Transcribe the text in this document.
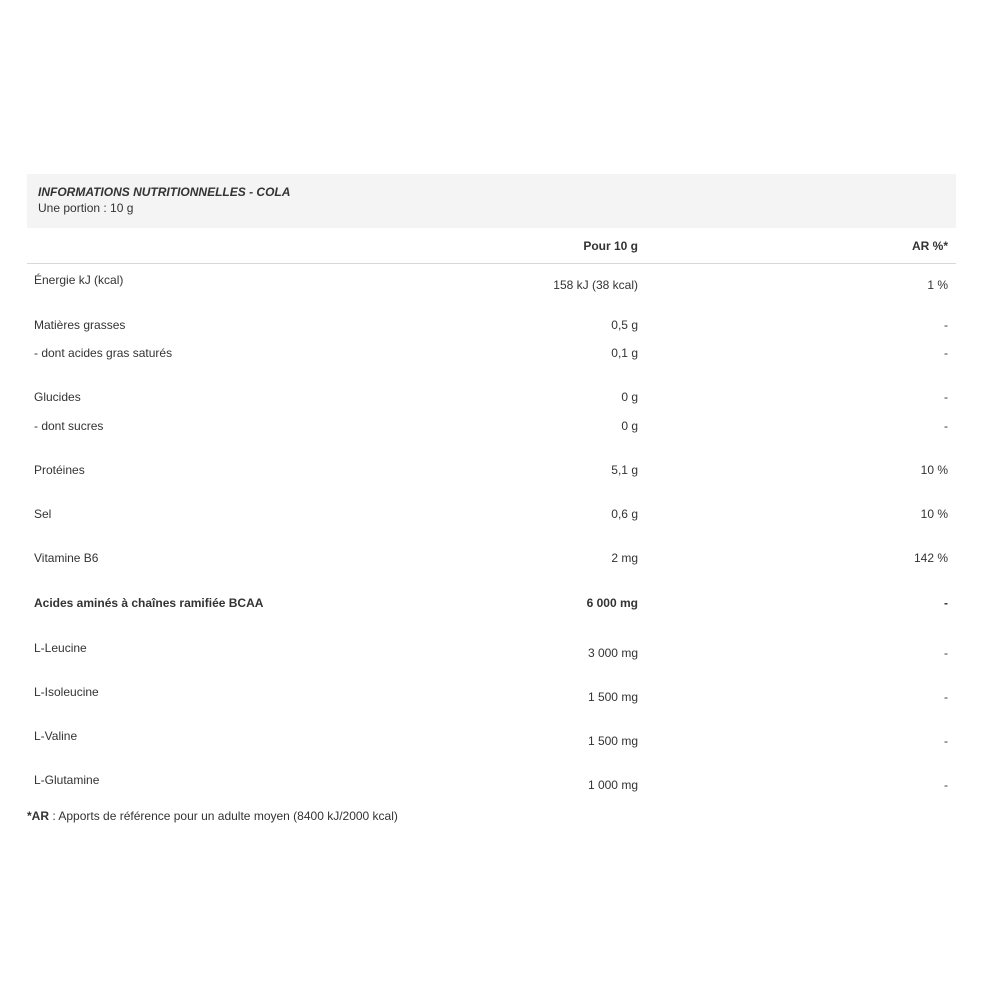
INFORMATIONS NUTRITIONNELLES - COLA
Une portion : 10 g
Pour 10 g	AR %*
Énergie kJ (kcal)	158 kJ (38 kcal)	1 %
Matières grasses	0,5 g	-
- dont acides gras saturés	0,1 g	-
Glucides	0 g	-
- dont sucres	0 g	-
Protéines	5,1 g	10 %
Sel	0,6 g	10 %
Vitamine B6	2 mg	142 %
Acides aminés à chaînes ramifiée BCAA	6 000 mg	-
L-Leucine	3 000 mg	-
L-Isoleucine	1 500 mg	-
L-Valine	1 500 mg	-
L-Glutamine	1 000 mg	-
*AR : Apports de référence pour un adulte moyen (8400 kJ/2000 kcal)
